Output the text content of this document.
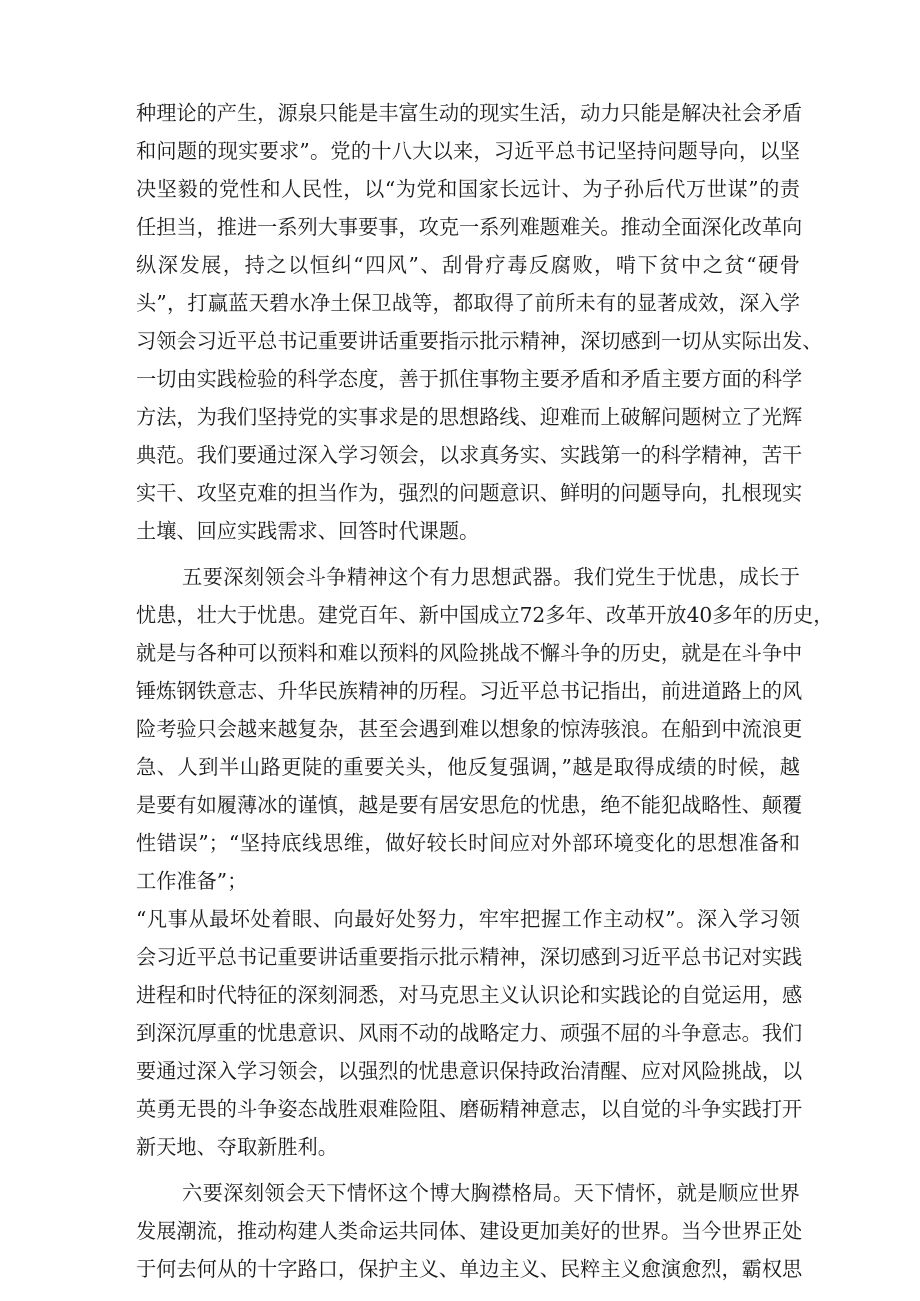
种理论的产生，源泉只能是丰富生动的现实生活，动力只能是解决社会矛盾
和问题的现实要求”。党的十八大以来，习近平总书记坚持问题导向，以坚
决坚毅的党性和人民性，以“为党和国家长远计、为子孙后代万世谋”的责
任担当，推进一系列大事要事，攻克一系列难题难关。推动全面深化改革向
纵深发展，持之以恒纠“四风”、刮骨疗毒反腐败，啃下贫中之贫“硬骨
头”，打赢蓝天碧水净土保卫战等，都取得了前所未有的显著成效，深入学
习领会习近平总书记重要讲话重要指示批示精神，深切感到一切从实际出发、
一切由实践检验的科学态度，善于抓住事物主要矛盾和矛盾主要方面的科学
方法，为我们坚持党的实事求是的思想路线、迎难而上破解问题树立了光辉
典范。我们要通过深入学习领会，以求真务实、实践第一的科学精神，苦干
实干、攻坚克难的担当作为，强烈的问题意识、鲜明的问题导向，扎根现实
土壤、回应实践需求、回答时代课题。
五要深刻领会斗争精神这个有力思想武器。我们党生于忧患，成长于
忧患，壮大于忧患。建党百年、新中国成立72多年、改革开放40多年的历史，
就是与各种可以预料和难以预料的风险挑战不懈斗争的历史，就是在斗争中
锤炼钢铁意志、升华民族精神的历程。习近平总书记指出，前进道路上的风
险考验只会越来越复杂，甚至会遇到难以想象的惊涛骇浪。在船到中流浪更
急、人到半山路更陡的重要关头，他反复强调，”越是取得成绩的时候，越
是要有如履薄冰的谨慎，越是要有居安思危的忧患，绝不能犯战略性、颠覆
性错误”；“坚持底线思维，做好较长时间应对外部环境变化的思想准备和
工作准备”；
“凡事从最坏处着眼、向最好处努力，牢牢把握工作主动权”。深入学习领
会习近平总书记重要讲话重要指示批示精神，深切感到习近平总书记对实践
进程和时代特征的深刻洞悉，对马克思主义认识论和实践论的自觉运用，感
到深沉厚重的忧患意识、风雨不动的战略定力、顽强不屈的斗争意志。我们
要通过深入学习领会，以强烈的忧患意识保持政治清醒、应对风险挑战，以
英勇无畏的斗争姿态战胜艰难险阻、磨砺精神意志，以自觉的斗争实践打开
新天地、夺取新胜利。
六要深刻领会天下情怀这个博大胸襟格局。天下情怀，就是顺应世界
发展潮流，推动构建人类命运共同体、建设更加美好的世界。当今世界正处
于何去何从的十字路口，保护主义、单边主义、民粹主义愈演愈烈，霸权思
